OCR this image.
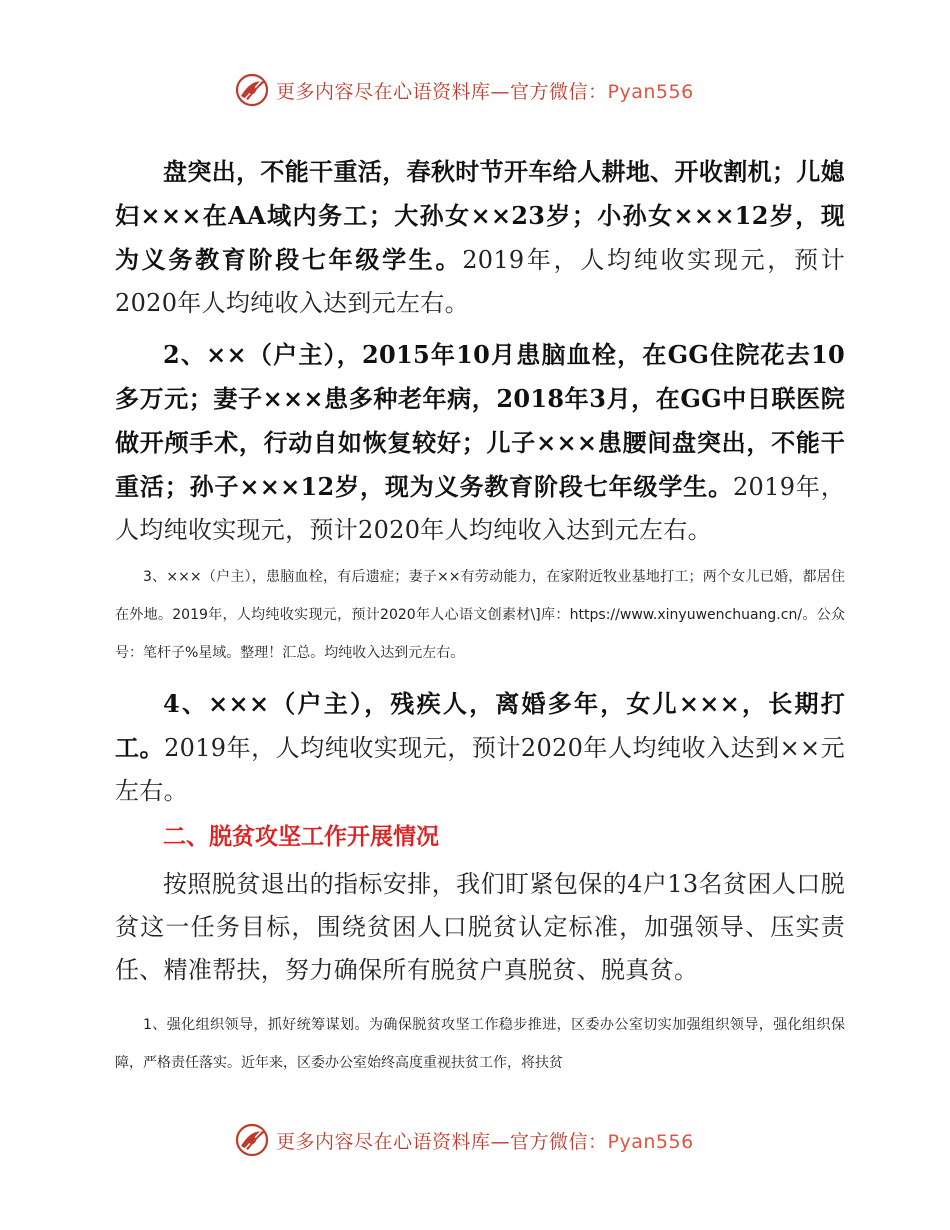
更多内容尽在心语资料库—官方微信：Pyan556

盘突出，不能干重活，春秋时节开车给人耕地、开收割机；儿媳妇×××在AA域内务工；大孙女××23岁；小孙女×××12岁，现为义务教育阶段七年级学生。2019年，人均纯收实现元，预计2020年人均纯收入达到元左右。

2、××（户主），2015年10月患脑血栓，在GG住院花去10多万元；妻子×××患多种老年病，2018年3月，在GG中日联医院做开颅手术，行动自如恢复较好；儿子×××患腰间盘突出，不能干重活；孙子×××12岁，现为义务教育阶段七年级学生。2019年，人均纯收实现元，预计2020年人均纯收入达到元左右。

3、×××（户主），患脑血栓，有后遗症；妻子××有劳动能力，在家附近牧业基地打工；两个女儿已婚，都居住在外地。2019年，人均纯收实现元，预计2020年人心语文创素材\]库：https://www.xinyuwenchuang.cn/。公众号：笔杆子%星域。整理！汇总。均纯收入达到元左右。

4、×××（户主），残疾人，离婚多年，女儿×××，长期打工。2019年，人均纯收实现元，预计2020年人均纯收入达到××元左右。

二、脱贫攻坚工作开展情况

按照脱贫退出的指标安排，我们盯紧包保的4户13名贫困人口脱贫这一任务目标，围绕贫困人口脱贫认定标准，加强领导、压实责任、精准帮扶，努力确保所有脱贫户真脱贫、脱真贫。

1、强化组织领导，抓好统筹谋划。为确保脱贫攻坚工作稳步推进，区委办公室切实加强组织领导，强化组织保障，严格责任落实。近年来，区委办公室始终高度重视扶贫工作，将扶贫

更多内容尽在心语资料库—官方微信：Pyan556
